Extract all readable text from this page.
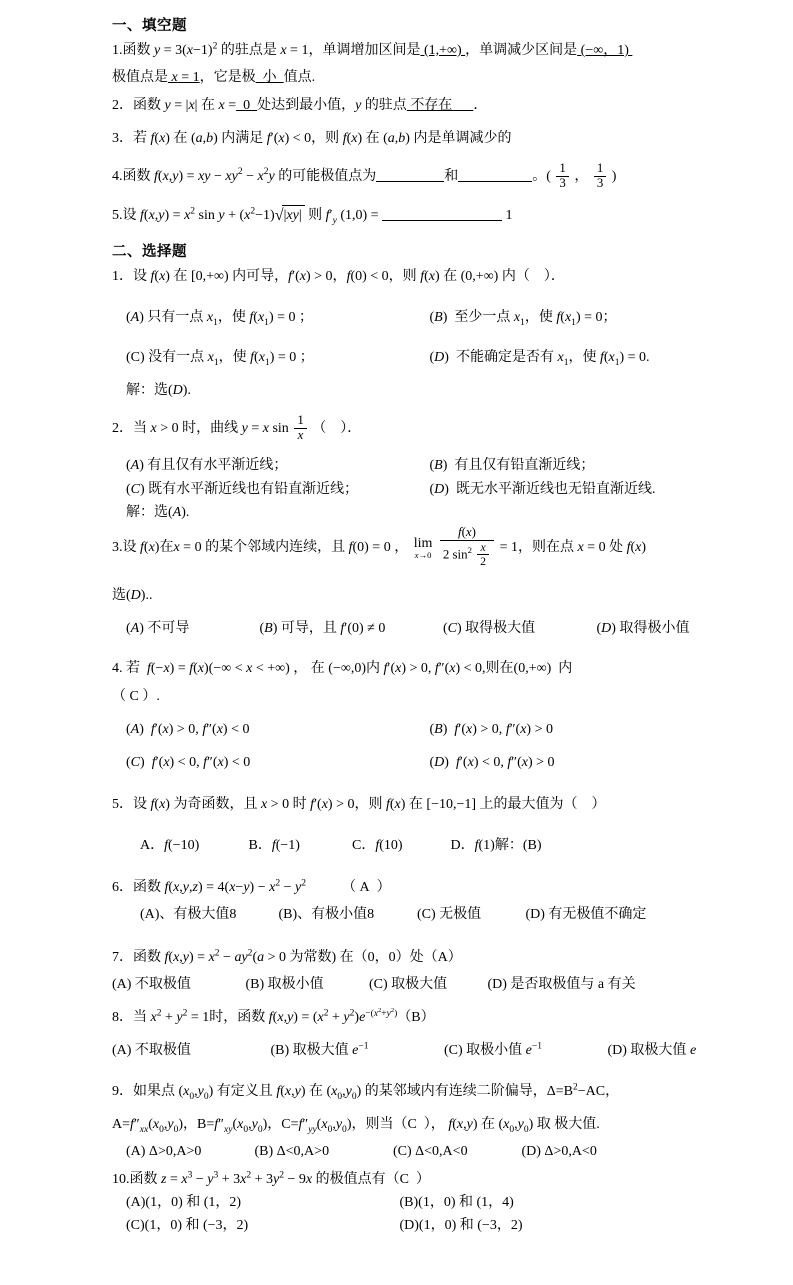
一、填空题
1.函数 $y = 3(x-1)^2$ 的驻点是 x = 1，单调增加区间是 (1,+∞) ，单调减少区间是 (−∞，1)
极值点是 x = 1，它是极  小  值点.
2．函数 y = |x| 在 x =  0  处达到最小值，y 的驻点 不存在      ．
3．若 f(x) 在 (a,b) 内满足 f′(x) < 0，则 f(x) 在 (a,b) 内是单调减少的
4.函数 f(x,y) = xy − $xy^2 - x^2y$ 的可能极值点为	和	。( $\frac{1}{3}$ ， $\frac{1}{3}$ )
5.设 $f(x,y) = x^2$ $\sin y + (x^2-1)√|xy|$ 则 $f'_y$ (1,0) =	1
二、选择题
1．设 f(x) 在 [0,+∞) 内可导，f′(x) > 0，f(0) < 0，则 f(x) 在 (0,+∞) 内（    ）．
(A) 只有一点 $x_1$，使 $f(x_1) = 0$ ；	(B)  至少一点 $x_1$，使 $f(x_1) = 0$；
(C) 没有一点 $x_1$，使 $f(x_1) = 0$ ；	(D)  不能确定是否有 $x_1$，使 $f(x_1) = 0$.
解：选(D).
2．当 x > 0 时，曲线 y = x $\sin \frac{1}{x}$ （    ）．
(A) 有且仅有水平渐近线；	(B)  有且仅有铅直渐近线；
(C) 既有水平渐近线也有铅直渐近线；	(D)  既无水平渐近线也无铅直渐近线.
解：选(A).
3.设 f(x)在x = 0 的某个邻域内连续，且 f(0) = 0 ， lim
x→0
$\frac{f(x)}{2 \sin^2 \frac{x}{2}} = 1$，则在点 x = 0 处 f(x)
选(D)..
(A) 不可导	(B) 可导，且 f′(0) ≠ 0	(C) 取得极大值	(D) 取得极小值
4. 若  f(−x) = f(x)(−∞ < x < +∞) ， 在 (−∞,0)内 f′(x) > 0, f″(x) < 0,则在(0,+∞)  内
（ C ）.
(A)  f′(x) > 0, f″(x) < 0	(B)  f′(x) > 0, f″(x) > 0
(C)  f′(x) < 0, f″(x) < 0	(D)  f′(x) < 0, f″(x) > 0
5．设 f(x) 为奇函数，且 x > 0 时 f′(x) > 0，则 f(x) 在 [−10,−1] 上的最大值为（    ）
A．f(−10)	B．f(−1)	C．f(10)	D．f(1)解：(B)
6．函数 $f(x,y,z) = 4(x-y) - x^2 - y^2$	（ A  ）
(A)、有极大值8	(B)、有极小值8	(C) 无极值	(D) 有无极值不确定
7．函数 $f(x,y) = x^2 - ay^2(a > 0$ 为常数) 在（0，0）处（A）
(A) 不取极值	(B) 取极小值	(C) 取极大值	(D) 是否取极值与 a 有关
8．当 $x^2 + y^2 = 1$时，函数 $f(x,y) = (x^2 + y^2)e^{-(x^2+y^2)}(B)$
(A) 不取极值	(B) 取极大值 $e^{-1}$	(C) 取极小值 $e^{-1}$	(D) 取极大值 e
9．如果点 $(x_0,y_0)$ 有定义且 f(x,y) 在 $(x_0,y_0)$ 的某邻域内有连续二阶偏导，$\Delta=B^2-AC$，
$A=f''_{xx}(x_0,y_0)$，$B=f''_{xy}(x_0,y_0)$，$C=f''_{yy}(x_0,y_0)$，则当（C  ）， f(x,y) 在 $(x_0,y_0)$ 取 极大值.
(A) Δ>0,A>0	(B) Δ<0,A>0	(C) Δ<0,A<0	(D) Δ>0,A<0
10.函数 $z = x^3 - y^3 + 3x^2 + 3y^2 - 9x$ 的极值点有（C  ）
(A)(1，0) 和 (1，2)	(B)(1，0) 和 (1，4)
(C)(1，0) 和 (−3，2)	(D)(1，0) 和 (−3，2)
